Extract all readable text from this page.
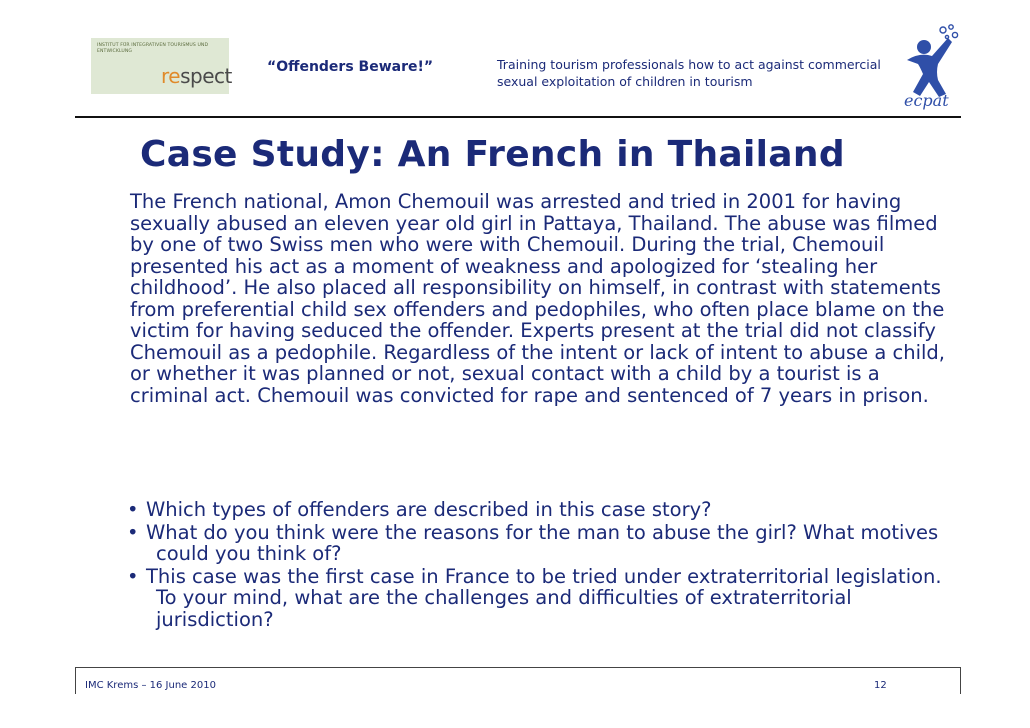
INSTITUT FÜR INTEGRATIVEN TOURISMUS UND ENTWICKLUNG
respect	“Offenders Beware!”	Training tourism professionals how to act against commercial sexual exploitation of children in tourism
ecpat
Case Study: An French in Thailand

The French national, Amon Chemouil was arrested and tried in 2001 for having sexually abused an eleven year old girl in Pattaya, Thailand. The abuse was filmed by one of two Swiss men who were with Chemouil. During the trial, Chemouil presented his act as a moment of weakness and apologized for ‘stealing her childhood’. He also placed all responsibility on himself, in contrast with statements from preferential child sex offenders and pedophiles, who often place blame on the victim for having seduced the offender. Experts present at the trial did not classify Chemouil as a pedophile. Regardless of the intent or lack of intent to abuse a child, or whether it was planned or not, sexual contact with a child by a tourist is a criminal act. Chemouil was convicted for rape and sentenced of 7 years in prison.

• Which types of offenders are described in this case story?
• What do you think were the reasons for the man to abuse the girl? What motives could you think of?
• This case was the first case in France to be tried under extraterritorial legislation. To your mind, what are the challenges and difficulties of extraterritorial jurisdiction?
IMC Krems – 16 June 2010	12
